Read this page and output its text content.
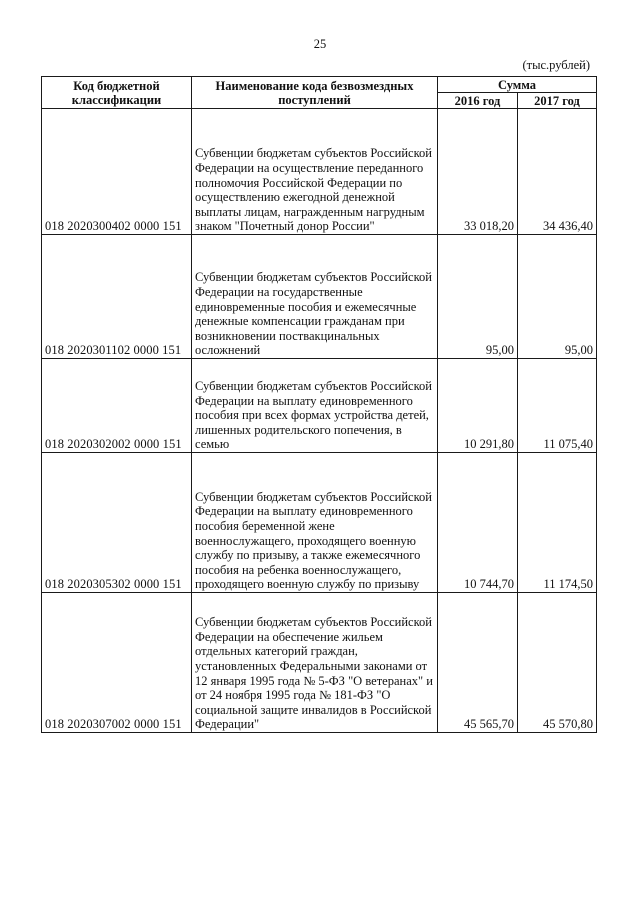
25
(тыс.рублей)
Код бюджетной классификации	Наименование кода безвозмездных поступлений	Сумма	
		2016 год	2017 год
018 2020300402 0000 151	Субвенции бюджетам субъектов Российской Федерации на осуществление переданного полномочия Российской Федерации по осуществлению ежегодной денежной выплаты лицам, награжденным нагрудным знаком "Почетный донор России"	33 018,20	34 436,40
018 2020301102 0000 151	Субвенции бюджетам субъектов Российской Федерации на государственные единовременные пособия и ежемесячные денежные компенсации гражданам при возникновении поствакцинальных осложнений	95,00	95,00
018 2020302002 0000 151	Субвенции бюджетам субъектов Российской Федерации на выплату единовременного пособия при всех формах устройства детей, лишенных родительского попечения, в семью	10 291,80	11 075,40
018 2020305302 0000 151	Субвенции бюджетам субъектов Российской Федерации на выплату единовременного пособия беременной жене военнослужащего, проходящего военную службу по призыву, а также ежемесячного пособия на ребенка военнослужащего, проходящего военную службу по призыву	10 744,70	11 174,50
018 2020307002 0000 151	Субвенции бюджетам субъектов Российской Федерации на обеспечение жильем отдельных категорий граждан, установленных Федеральными законами от 12 января 1995 года № 5-ФЗ "О ветеранах" и от 24 ноября 1995 года № 181-ФЗ "О социальной защите инвалидов в Российской Федерации"	45 565,70	45 570,80
